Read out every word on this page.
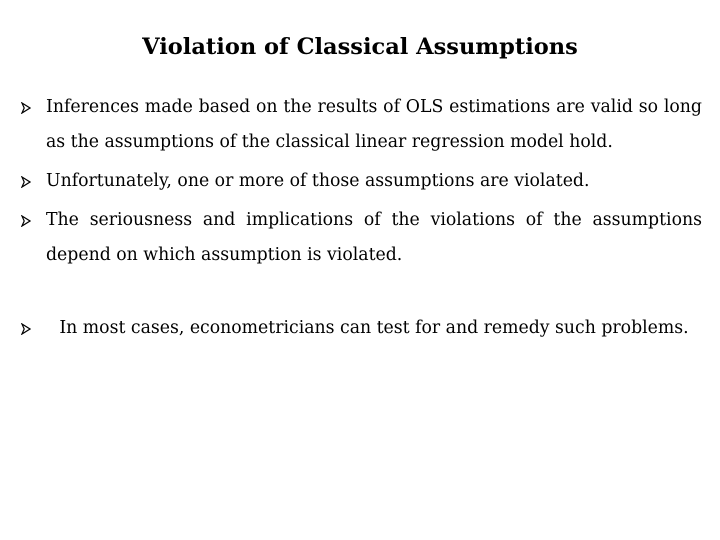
Violation of Classical Assumptions
Inferences made based on the results of OLS estimations are valid so long as the assumptions of the classical linear regression model hold.
Unfortunately, one or more of those assumptions are violated.
The seriousness and implications of the violations of the assumptions depend on which assumption is violated.
In most cases, econometricians can test for and remedy such problems.
